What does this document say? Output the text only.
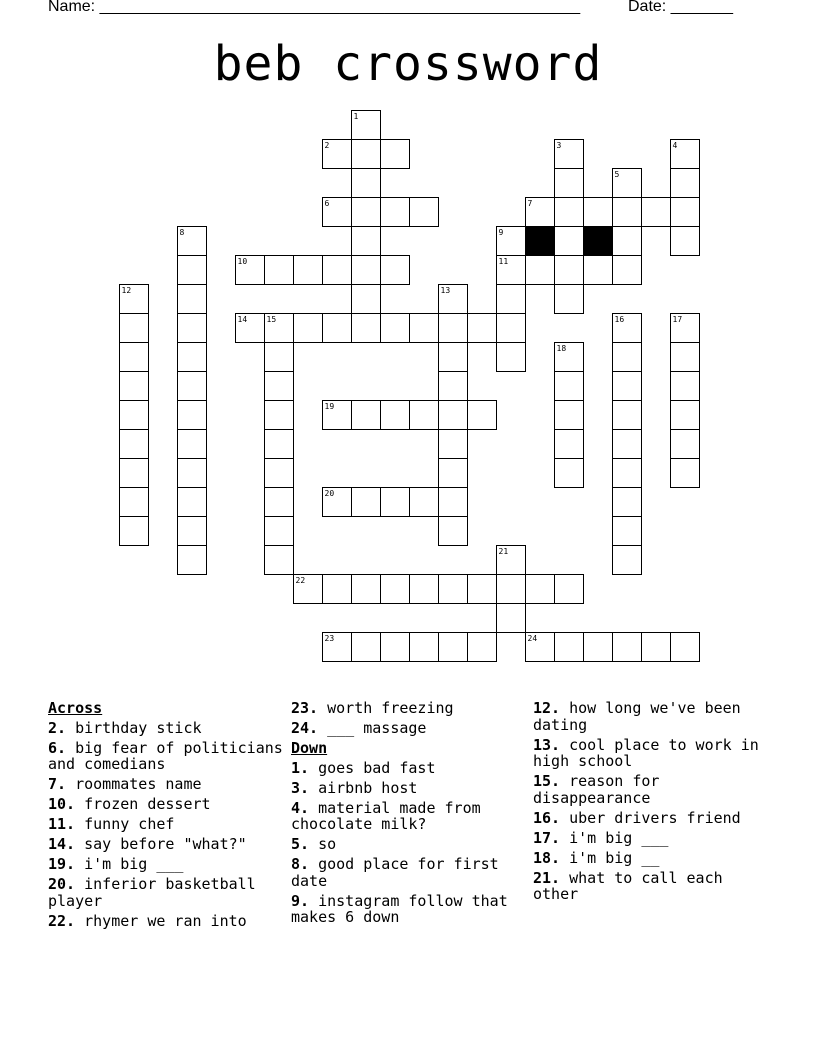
Name: ______________________________________________________	Date: _______
beb crossword
1
2	3	4
5
6	7
8	9
10	11
12	13
14 15	16	17
18
19
20
21
22
23	24
Across
2. birthday stick
6. big fear of politicians and comedians
7. roommates name
10. frozen dessert
11. funny chef
14. say before "what?"
19. i'm big ___
20. inferior basketball player
22. rhymer we ran into
23. worth freezing
24. ___ massage
Down
1. goes bad fast
3. airbnb host
4. material made from chocolate milk?
5. so
8. good place for first date
9. instagram follow that makes 6 down
12. how long we've been dating
13. cool place to work in high school
15. reason for disappearance
16. uber drivers friend
17. i'm big ___
18. i'm big __
21. what to call each other
